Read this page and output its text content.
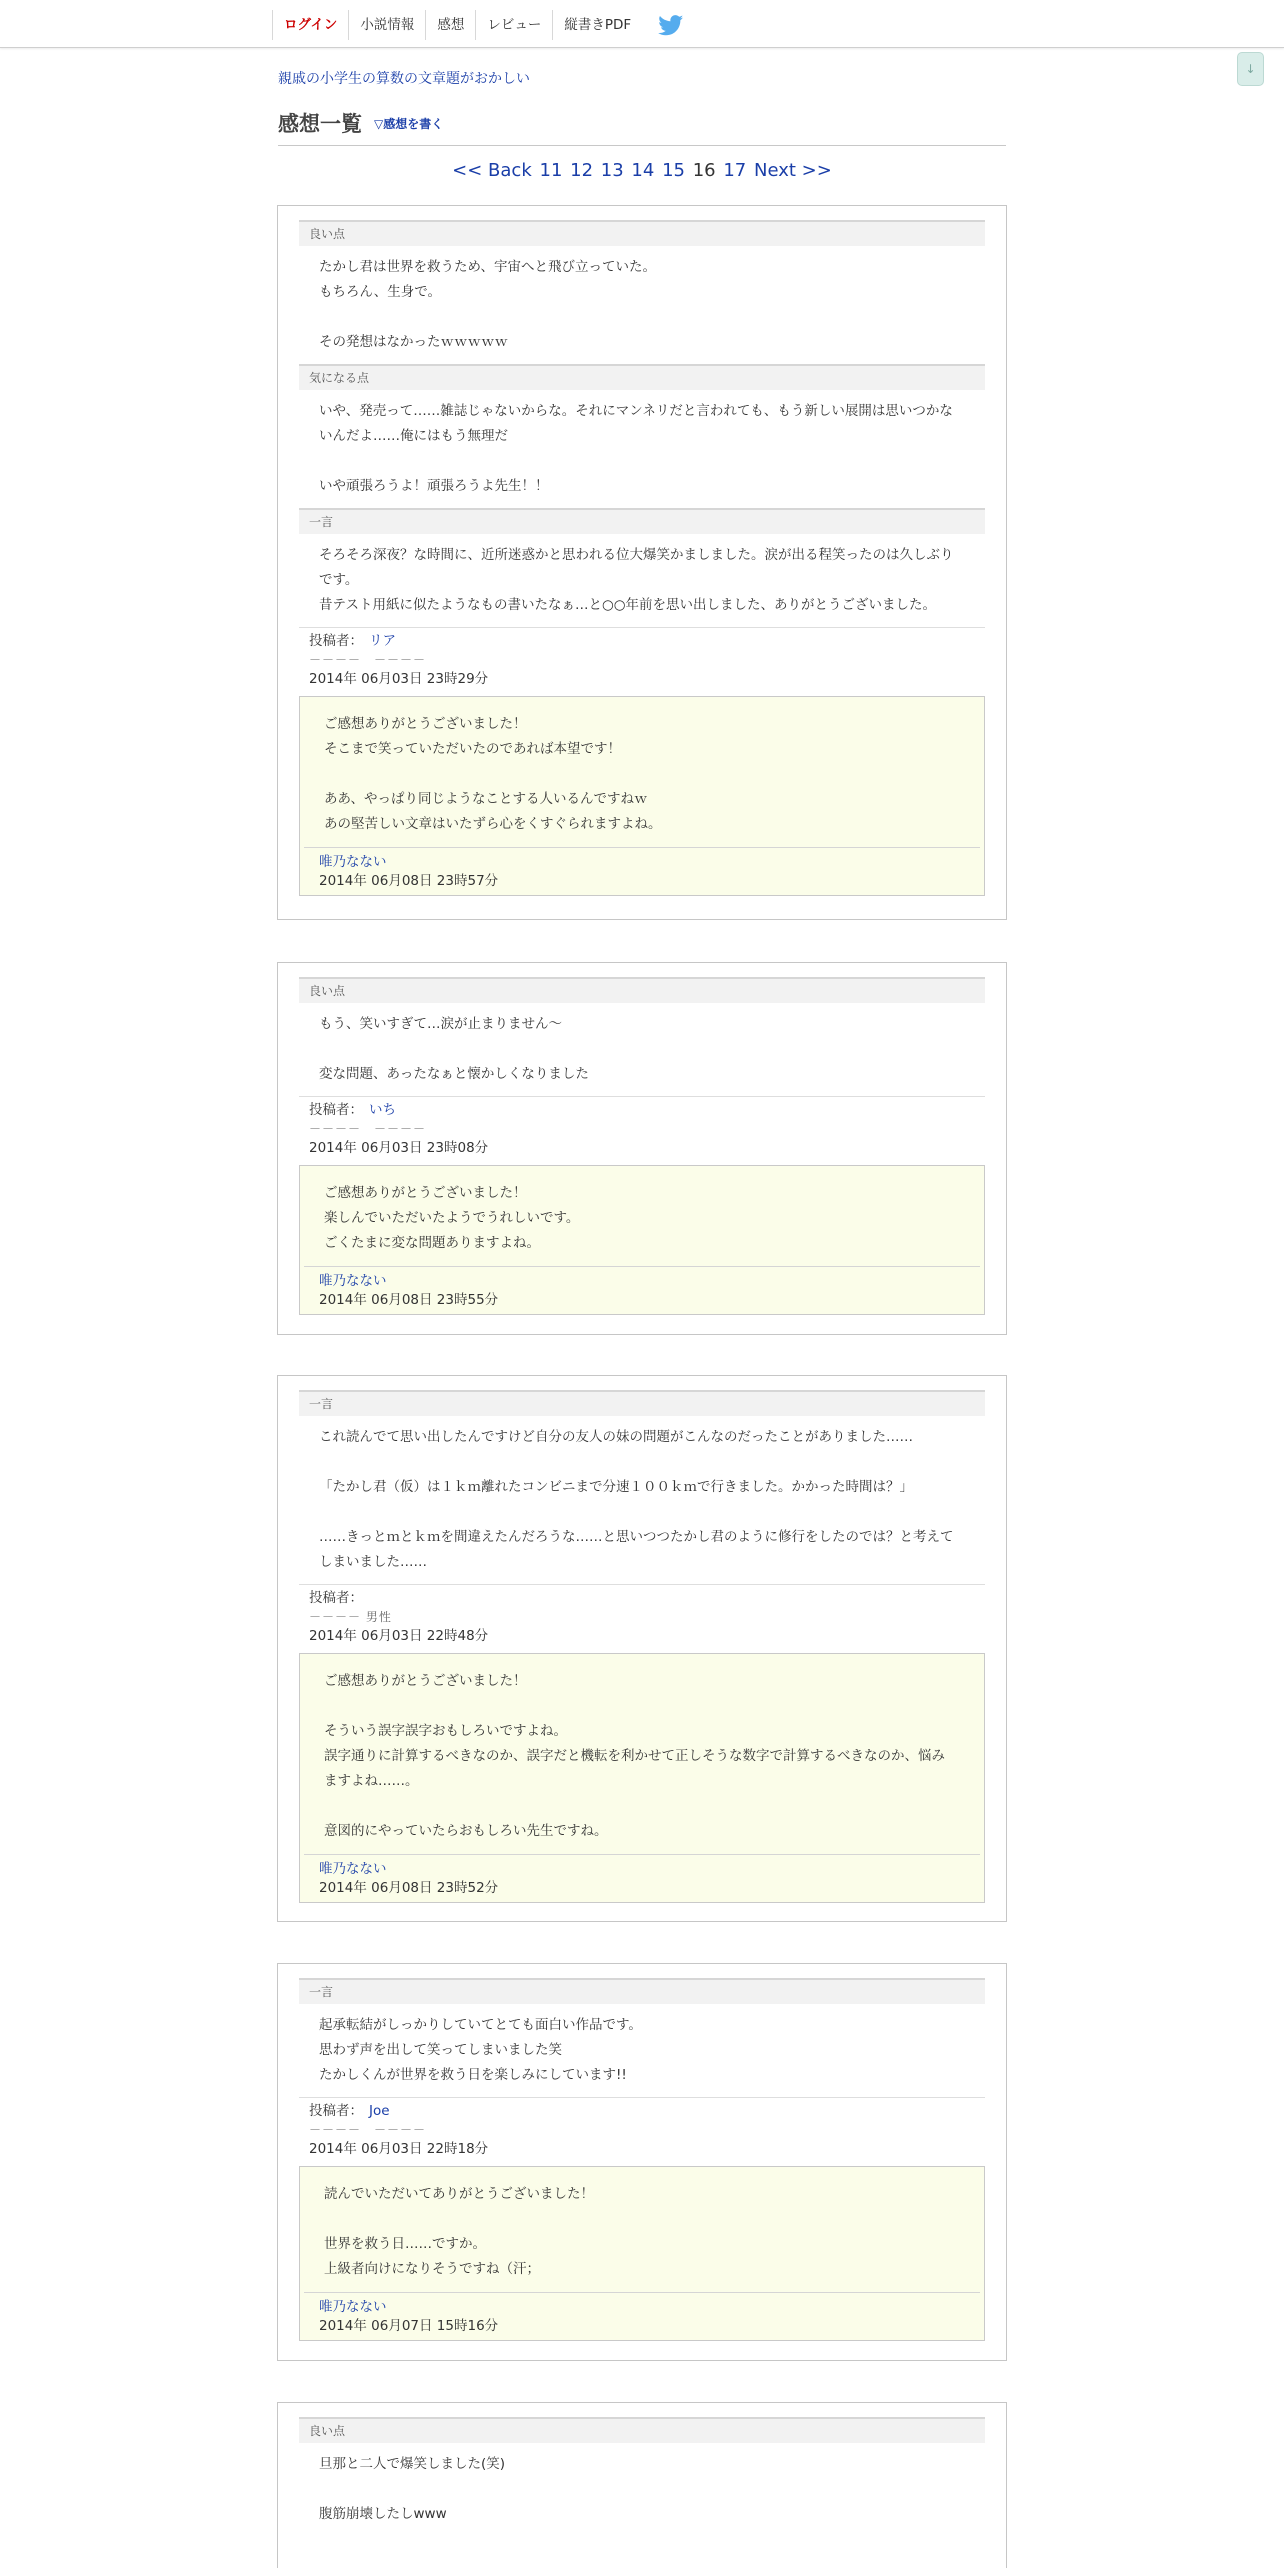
ログイン	小説情報	感想	レビュー	縦書きPDF
↓
親戚の小学生の算数の文章題がおかしい
感想一覧 ▽感想を書く
<< Back 11 12 13 14 15 16 17 Next >>
良い点
たかし君は世界を救うため、宇宙へと飛び立っていた。
もちろん、生身で。
その発想はなかったｗｗｗｗｗ
気になる点
いや、発売って……雑誌じゃないからな。それにマンネリだと言われても、もう新しい展開は思いつかな
いんだよ……俺にはもう無理だ
いや頑張ろうよ！頑張ろうよ先生！！
一言
そろそろ深夜？な時間に、近所迷惑かと思われる位大爆笑かましました。涙が出る程笑ったのは久しぶり
です。
昔テスト用紙に似たようなもの書いたなぁ…と○○年前を思い出しました、ありがとうございました。
投稿者： リア
－－－－　－－－－
2014年 06月03日 23時29分
ご感想ありがとうございました！
そこまで笑っていただいたのであれば本望です！
ああ、やっぱり同じようなことする人いるんですねｗ
あの堅苦しい文章はいたずら心をくすぐられますよね。
唯乃なない
2014年 06月08日 23時57分
良い点
もう、笑いすぎて…涙が止まりません〜
変な問題、あったなぁと懐かしくなりました
投稿者： いち
－－－－　－－－－
2014年 06月03日 23時08分
ご感想ありがとうございました！
楽しんでいただいたようでうれしいです。
ごくたまに変な問題ありますよね。
唯乃なない
2014年 06月08日 23時55分
一言
これ読んでて思い出したんですけど自分の友人の妹の問題がこんなのだったことがありました……
「たかし君（仮）は１ｋｍ離れたコンビニまで分速１００ｋｍで行きました。かかった時間は？」
……きっとｍとｋｍを間違えたんだろうな……と思いつつたかし君のように修行をしたのでは？と考えて
しまいました……
投稿者：
－－－－ 男性
2014年 06月03日 22時48分
ご感想ありがとうございました！
そういう誤字誤字おもしろいですよね。
誤字通りに計算するべきなのか、誤字だと機転を利かせて正しそうな数字で計算するべきなのか、悩み
ますよね……。
意図的にやっていたらおもしろい先生ですね。
唯乃なない
2014年 06月08日 23時52分
一言
起承転結がしっかりしていてとても面白い作品です。
思わず声を出して笑ってしまいました笑
たかしくんが世界を救う日を楽しみにしています!!
投稿者： Joe
－－－－　－－－－
2014年 06月03日 22時18分
読んでいただいてありがとうございました！
世界を救う日……ですか。
上級者向けになりそうですね（汗；
唯乃なない
2014年 06月07日 15時16分
良い点
旦那と二人で爆笑しました(笑)
腹筋崩壊したしwww
